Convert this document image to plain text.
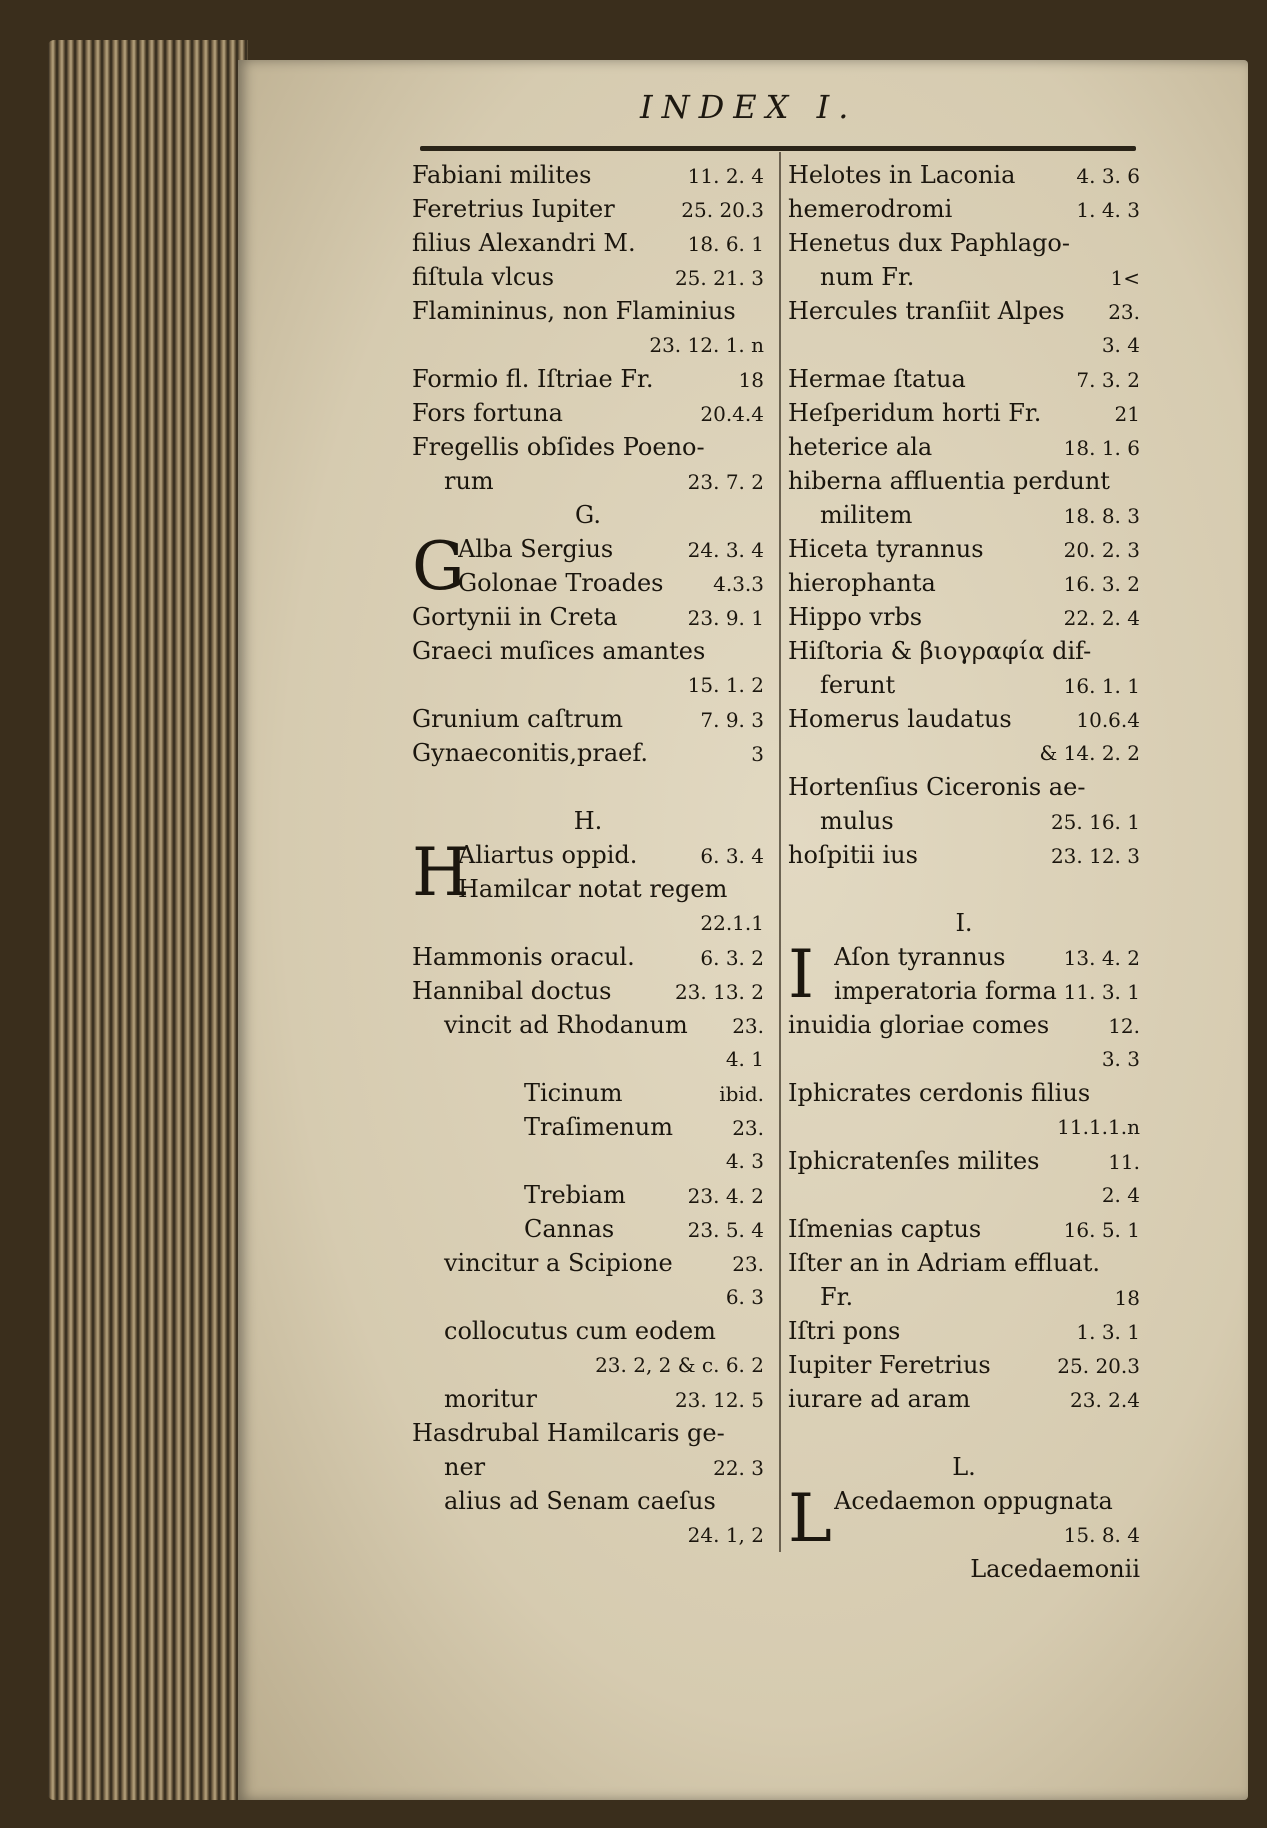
INDEX I.
Fabiani milites	11. 2. 4
Feretrius Iupiter	25. 20.3
filius Alexandri M.	18. 6. 1
fiſtula vlcus	25. 21. 3
Flamininus, non Flaminius
23. 12. 1. n
Formio fl. Iſtriae Fr.	18
Fors fortuna	20.4.4
Fregellis obſides Poeno-
rum	23. 7. 2
G.
G
Alba Sergius	24. 3. 4
Golonae Troades 4.3.3
Gortynii in Creta	23. 9. 1
Graeci muſices amantes
15. 1. 2
Grunium caſtrum	7. 9. 3
Gynaeconitis,praef.	3
H.
H
Aliartus oppid.	6. 3. 4
Hamilcar notat regem
22.1.1
Hammonis oracul.	6. 3. 2
Hannibal doctus	23. 13. 2
vincit ad Rhodanum 23.
4. 1
Ticinum	ibid.
Traſimenum	23.
4. 3
Trebiam	23. 4. 2
Cannas	23. 5. 4
vincitur a Scipione	23.
6. 3
collocutus cum eodem
23. 2, 2 & c. 6. 2
moritur	23. 12. 5
Hasdrubal Hamilcaris ge-
ner	22. 3
alius ad Senam caeſus
24. 1, 2
Helotes in Laconia	4. 3. 6
hemerodromi	1. 4. 3
Henetus dux Paphlago-
num Fr.	1<
Hercules tranſiit Alpes 23.
3. 4
Hermae ſtatua	7. 3. 2
Heſperidum horti Fr.	21
heterice ala	18. 1. 6
hiberna affluentia perdunt
militem	18. 8. 3
Hiceta tyrannus	20. 2. 3
hierophanta	16. 3. 2
Hippo vrbs	22. 2. 4
Hiſtoria & βιογραφία dif-
ferunt	16. 1. 1
Homerus laudatus	10.6.4
& 14. 2. 2
Hortenſius Ciceronis ae-
mulus	25. 16. 1
hoſpitii ius	23. 12. 3
I.
I Aſon tyrannus	13. 4. 2
imperatoria forma 11. 3. 1
inuidia gloriae comes	12.
3. 3
Iphicrates cerdonis filius
11.1.1.n
Iphicratenſes milites	11.
2. 4
Iſmenias captus	16. 5. 1
Iſter an in Adriam effluat.
Fr.	18
Iſtri pons	1. 3. 1
Iupiter Feretrius	25. 20.3
iurare ad aram	23. 2.4
L.
L Acedaemon oppugnata
15. 8. 4
Lacedaemonii
